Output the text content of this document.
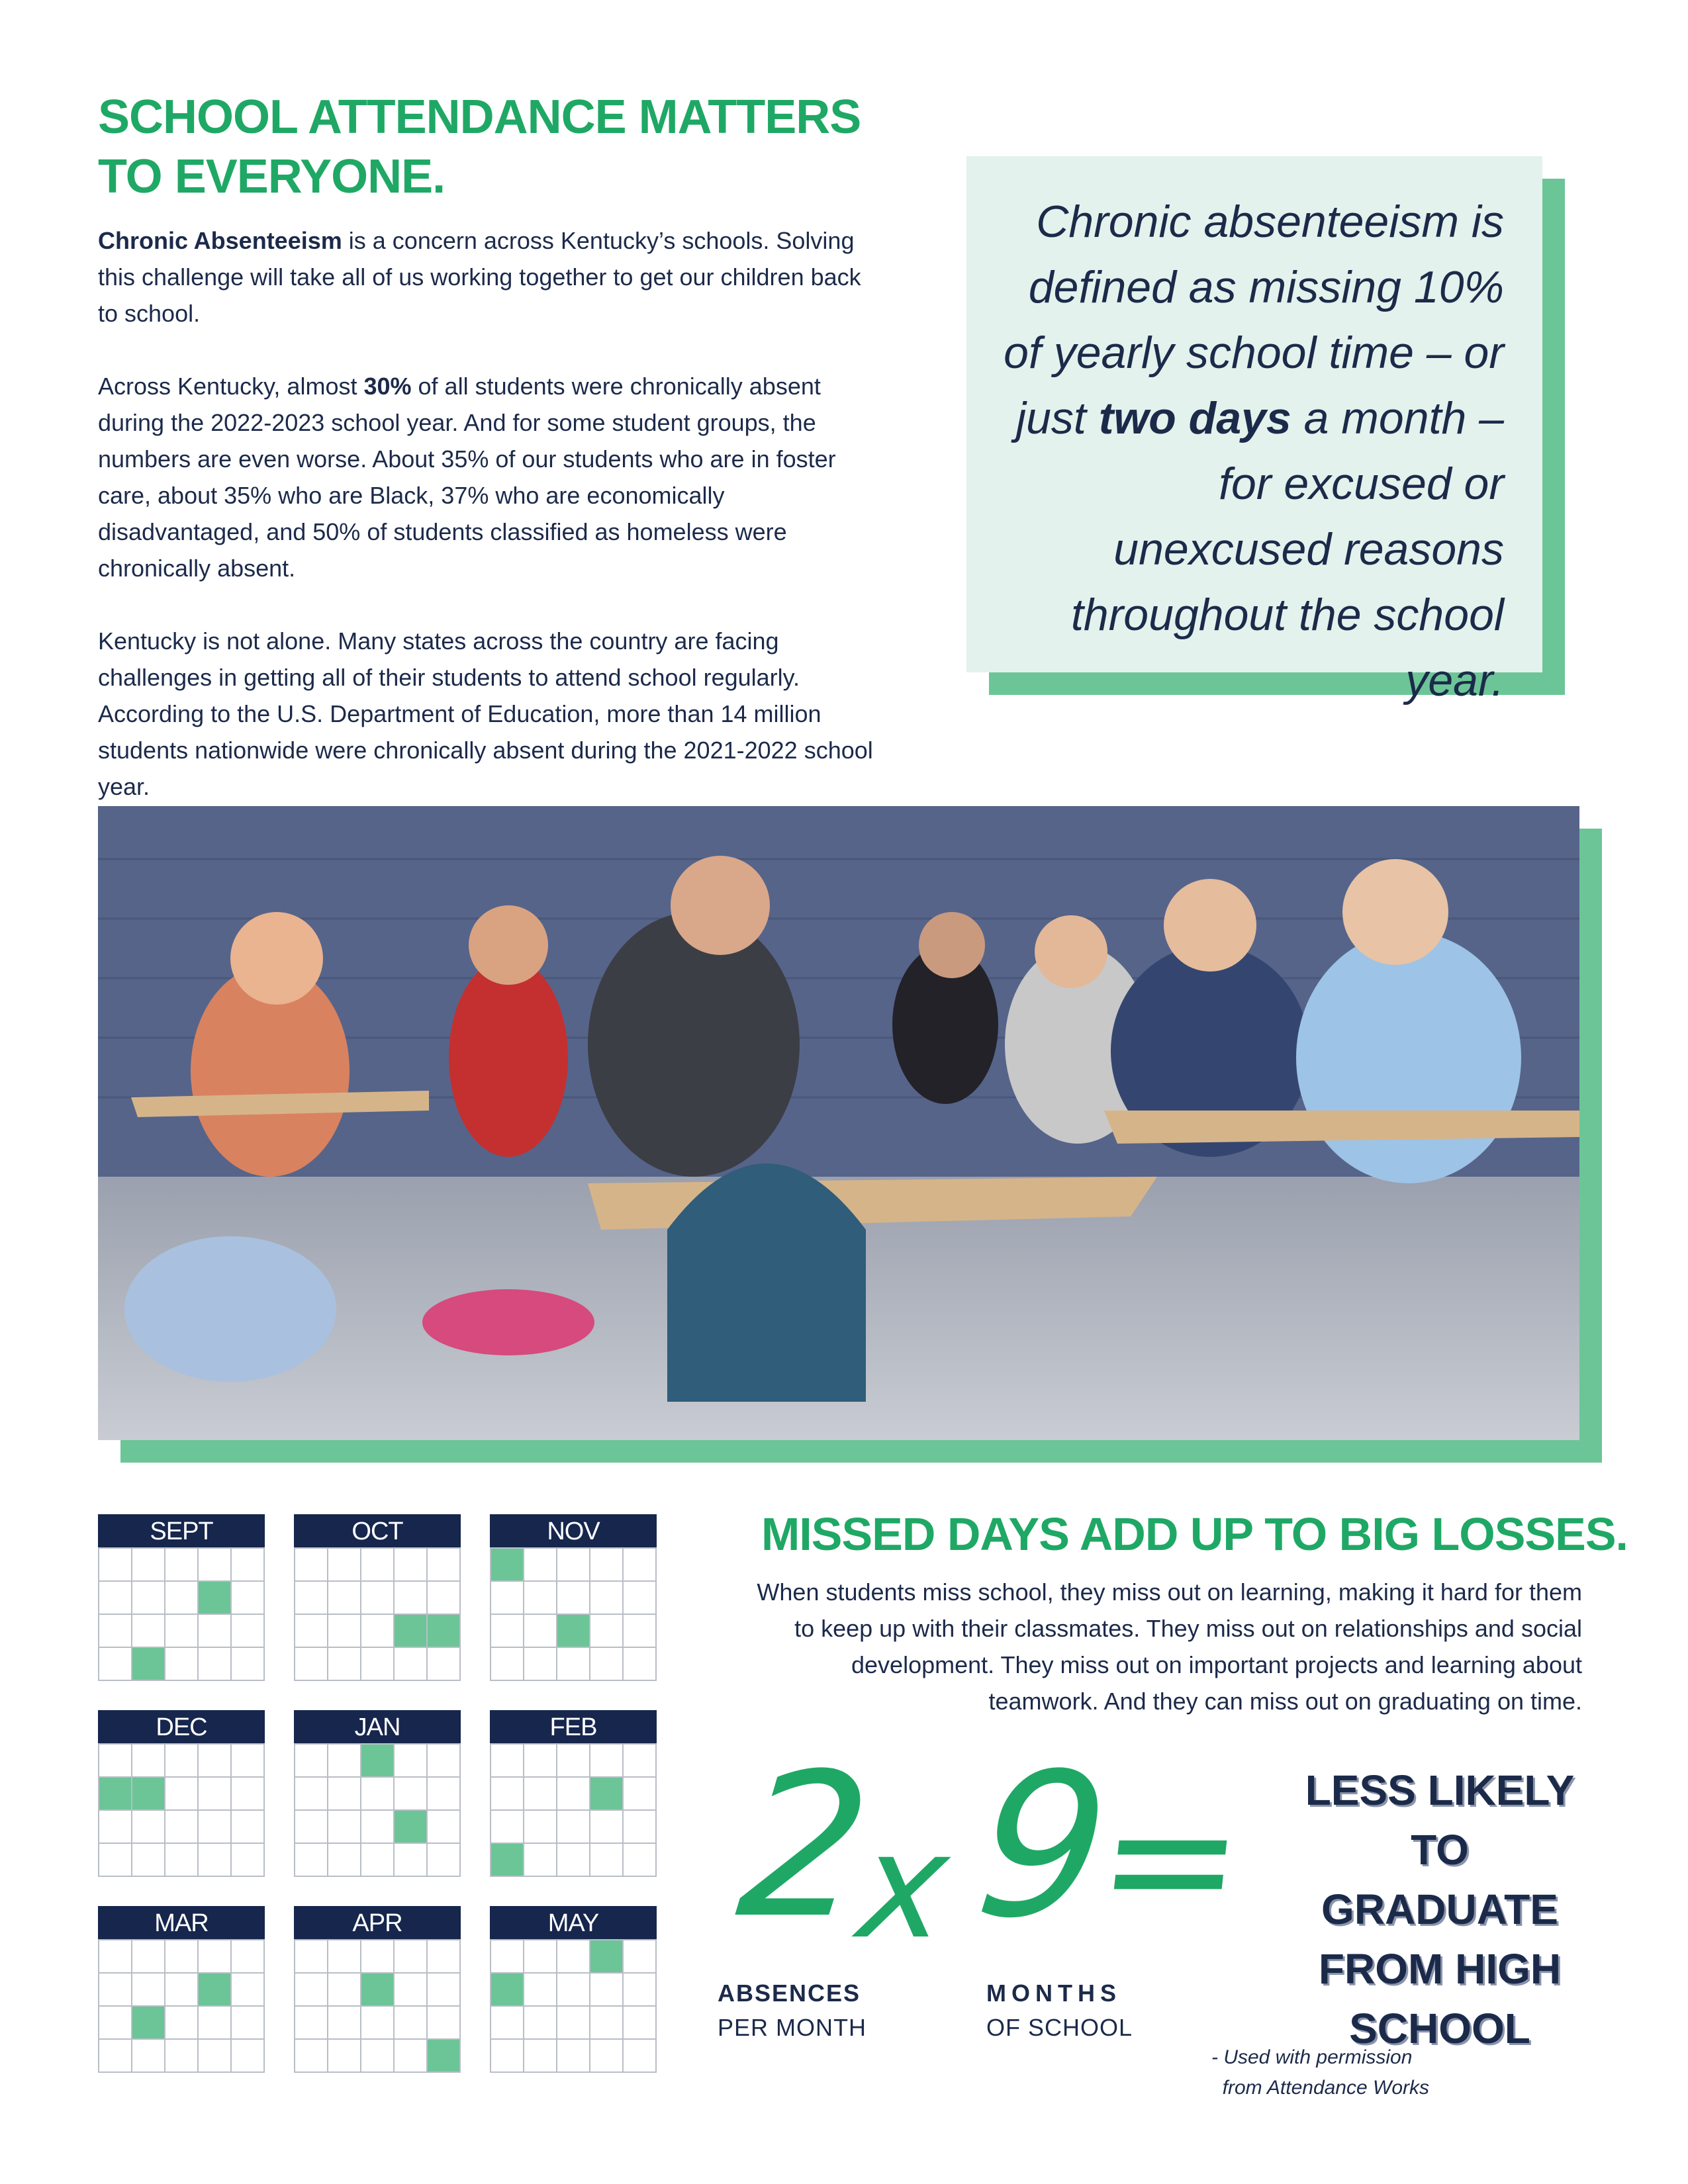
SCHOOL ATTENDANCE MATTERS
TO EVERYONE.

Chronic Absenteeism is a concern across Kentucky’s schools. Solving this challenge will take all of us working together to get our children back to school.

Across Kentucky, almost 30% of all students were chronically absent during the 2022-2023 school year. And for some student groups, the numbers are even worse. About 35% of our students who are in foster care, about 35% who are Black, 37% who are economically disadvantaged, and 50% of students classified as homeless were chronically absent.

Kentucky is not alone. Many states across the country are facing challenges in getting all of their students to attend school regularly. According to the U.S. Department of Education, more than 14 million students nationwide were chronically absent during the 2021-2022 school year.

Chronic absenteeism is defined as missing 10% of yearly school time – or just two days a month – for excused or unexcused reasons throughout the school year.
SEPT	OCT	NOV
DEC	JAN	FEB
MAR	APR	MAY
MISSED DAYS ADD UP TO BIG LOSSES.
When students miss school, they miss out on learning, making it hard for them to keep up with their classmates. They miss out on relationships and social development. They miss out on important projects and learning about teamwork. And they can miss out on graduating on time.
2
x 9
=
ABSENCES
PER MONTH
MONTHS
OF SCHOOL
LESS LIKELY TO GRADUATE FROM HIGH SCHOOL
- Used with permission
from Attendance Works
